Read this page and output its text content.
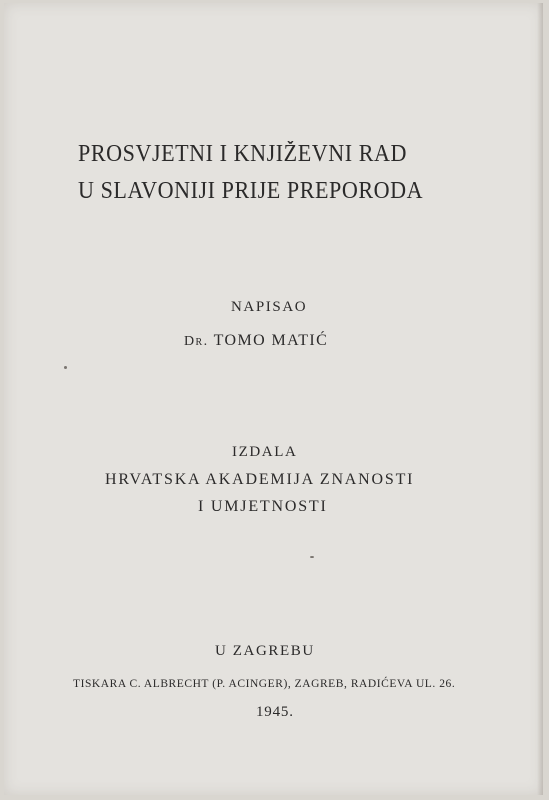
PROSVJETNI I KNJIŽEVNI RAD

U SLAVONIJI PRIJE PREPORODA

NAPISAO

DR. TOMO MATIĆ

IZDALA

HRVATSKA AKADEMIJA ZNANOSTI

I UMJETNOSTI

U ZAGREBU

TISKARA C. ALBRECHT (P. ACINGER), ZAGREB, RADIĆEVA UL. 26.

1945.
